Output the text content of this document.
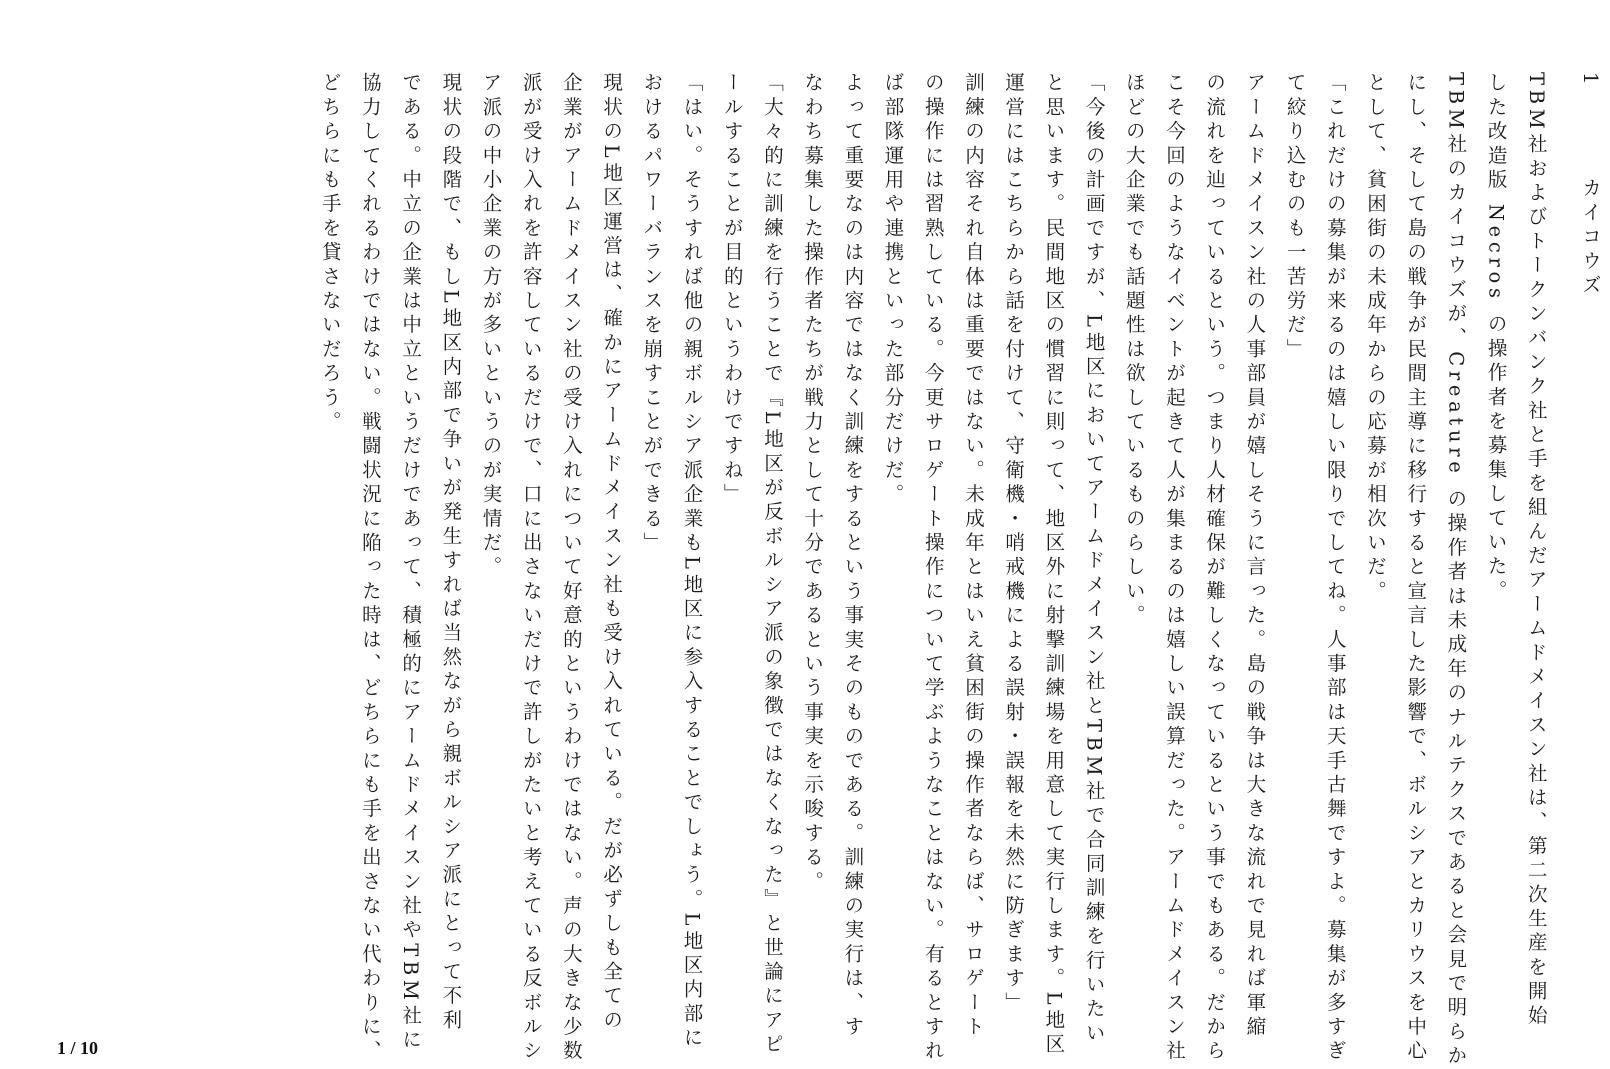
1　　カイコウズ
TBM社およびトークンバンク社と手を組んだアームドメイスン社は、第二次生産を開始
した改造版 Necros の操作者を募集していた。
TBM社のカイコウズが、Creature の操作者は未成年のナルテクスであると会見で明らか
にし、そして島の戦争が民間主導に移行すると宣言した影響で、ボルシアとカリウスを中心
として、貧困街の未成年からの応募が相次いだ。
「これだけの募集が来るのは嬉しい限りでしてね。人事部は天手古舞ですよ。募集が多すぎ
て絞り込むのも一苦労だ」
アームドメイスン社の人事部員が嬉しそうに言った。島の戦争は大きな流れで見れば軍縮
の流れを辿っているという。つまり人材確保が難しくなっているという事でもある。だから
こそ今回のようなイベントが起きて人が集まるのは嬉しい誤算だった。アームドメイスン社
ほどの大企業でも話題性は欲しているものらしい。
「今後の計画ですが、L地区においてアームドメイスン社とTBM社で合同訓練を行いたい
と思います。民間地区の慣習に則って、地区外に射撃訓練場を用意して実行します。L地区
運営にはこちらから話を付けて、守衛機・哨戒機による誤射・誤報を未然に防ぎます」
訓練の内容それ自体は重要ではない。未成年とはいえ貧困街の操作者ならば、サロゲート
の操作には習熟している。今更サロゲート操作について学ぶようなことはない。有るとすれ
ば部隊運用や連携といった部分だけだ。
よって重要なのは内容ではなく訓練をするという事実そのものである。訓練の実行は、す
なわち募集した操作者たちが戦力として十分であるという事実を示唆する。
「大々的に訓練を行うことで『L地区が反ボルシア派の象徴ではなくなった』と世論にアピ
ールすることが目的というわけですね」
「はい。そうすれば他の親ボルシア派企業もL地区に参入することでしょう。L地区内部に
おけるパワーバランスを崩すことができる」
現状のL地区運営は、確かにアームドメイスン社も受け入れている。だが必ずしも全ての
企業がアームドメイスン社の受け入れについて好意的というわけではない。声の大きな少数
派が受け入れを許容しているだけで、口に出さないだけで許しがたいと考えている反ボルシ
ア派の中小企業の方が多いというのが実情だ。
現状の段階で、もしL地区内部で争いが発生すれば当然ながら親ボルシア派にとって不利
である。中立の企業は中立というだけであって、積極的にアームドメイスン社やTBM社に
協力してくれるわけではない。戦闘状況に陥った時は、どちらにも手を出さない代わりに、
どちらにも手を貸さないだろう。
1 / 10
